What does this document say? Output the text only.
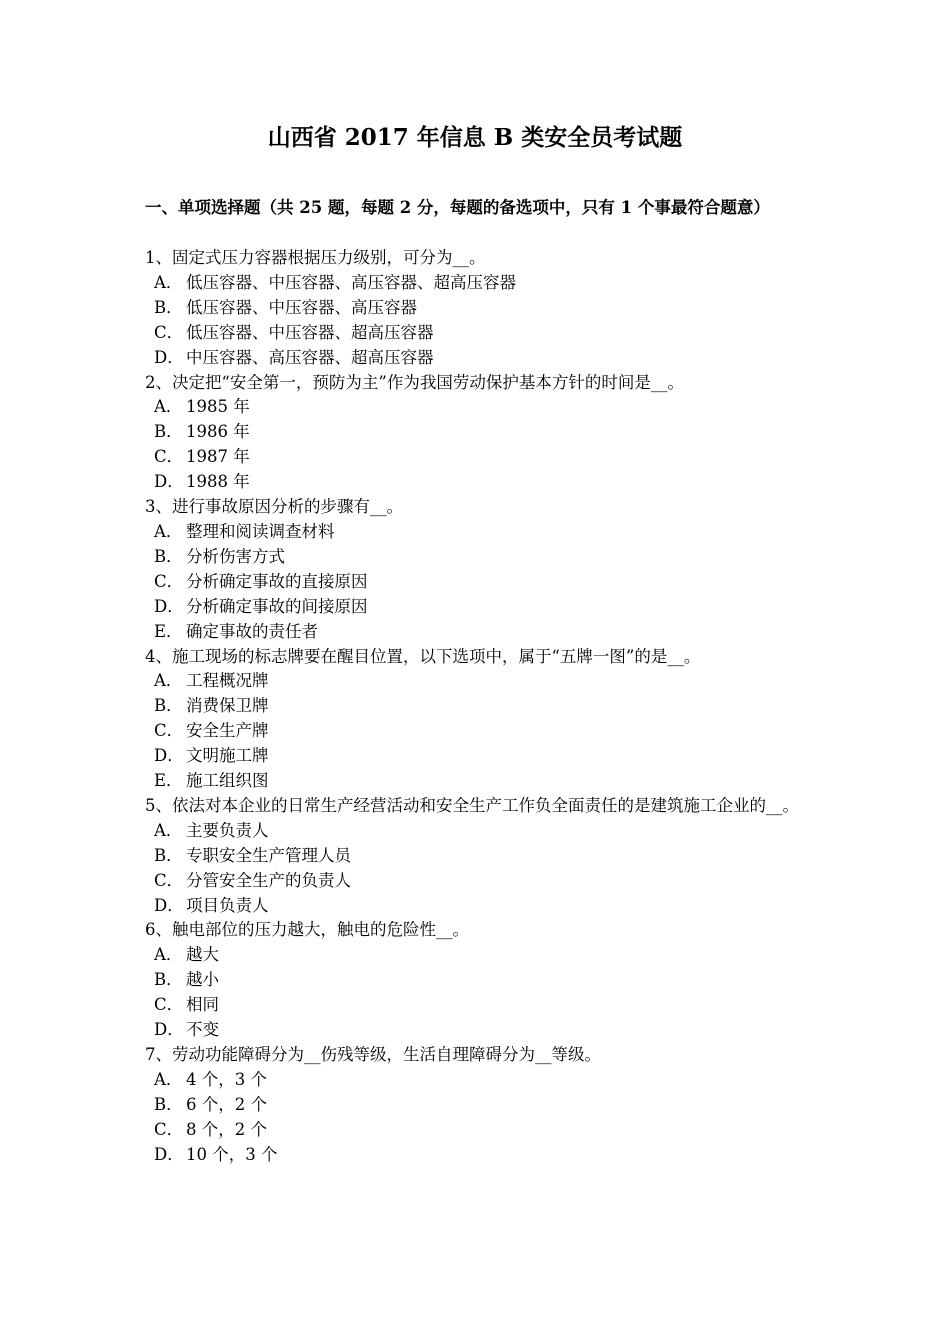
山西省 2017 年信息 B 类安全员考试题

一、单项选择题（共 25 题，每题 2 分，每题的备选项中，只有 1 个事最符合题意）

1、固定式压力容器根据压力级别，可分为__。

A． 低压容器、中压容器、高压容器、超高压容器

B． 低压容器、中压容器、高压容器

C． 低压容器、中压容器、超高压容器

D． 中压容器、高压容器、超高压容器

2、决定把“安全第一，预防为主”作为我国劳动保护基本方针的时间是__。

A． 1985 年

B． 1986 年

C． 1987 年

D． 1988 年

3、进行事故原因分析的步骤有__。

A． 整理和阅读调查材料

B． 分析伤害方式

C． 分析确定事故的直接原因

D． 分析确定事故的间接原因

E． 确定事故的责任者

4、施工现场的标志牌要在醒目位置，以下选项中，属于“五牌一图”的是__。

A． 工程概况牌

B． 消费保卫牌

C． 安全生产牌

D． 文明施工牌

E． 施工组织图

5、依法对本企业的日常生产经营活动和安全生产工作负全面责任的是建筑施工企业的__。

A． 主要负责人

B． 专职安全生产管理人员

C． 分管安全生产的负责人

D． 项目负责人

6、触电部位的压力越大，触电的危险性__。

A． 越大

B． 越小

C． 相同

D． 不变

7、劳动功能障碍分为__伤残等级，生活自理障碍分为__等级。

A． 4 个，3 个

B． 6 个，2 个

C． 8 个，2 个

D． 10 个，3 个
